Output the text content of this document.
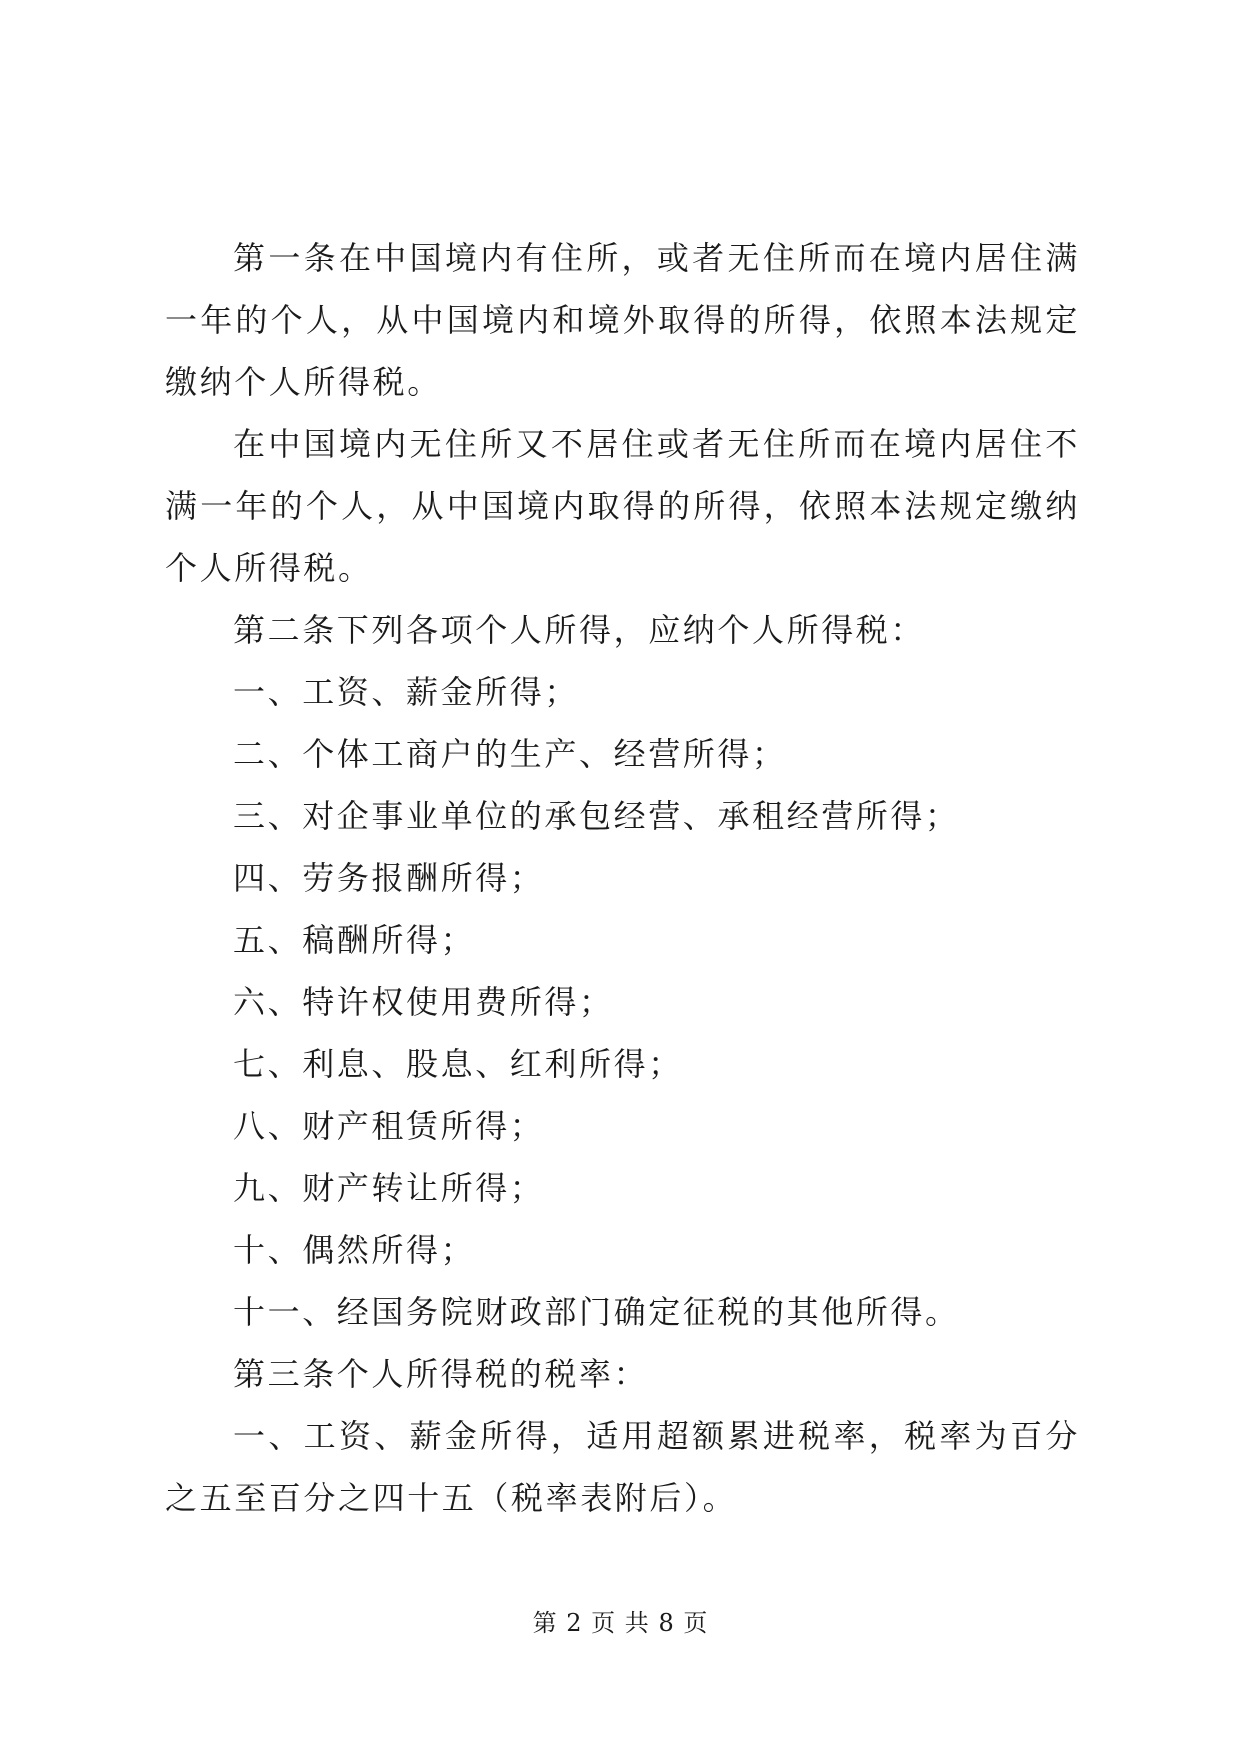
第一条在中国境内有住所，或者无住所而在境内居住满一年的个人，从中国境内和境外取得的所得，依照本法规定缴纳个人所得税。

在中国境内无住所又不居住或者无住所而在境内居住不满一年的个人，从中国境内取得的所得，依照本法规定缴纳个人所得税。

第二条下列各项个人所得，应纳个人所得税：

一、工资、薪金所得；

二、个体工商户的生产、经营所得；

三、对企事业单位的承包经营、承租经营所得；

四、劳务报酬所得；

五、稿酬所得；

六、特许权使用费所得；

七、利息、股息、红利所得；

八、财产租赁所得；

九、财产转让所得；

十、偶然所得；

十一、经国务院财政部门确定征税的其他所得。

第三条个人所得税的税率：

一、工资、薪金所得，适用超额累进税率，税率为百分之五至百分之四十五（税率表附后）。

第 2 页 共 8 页
